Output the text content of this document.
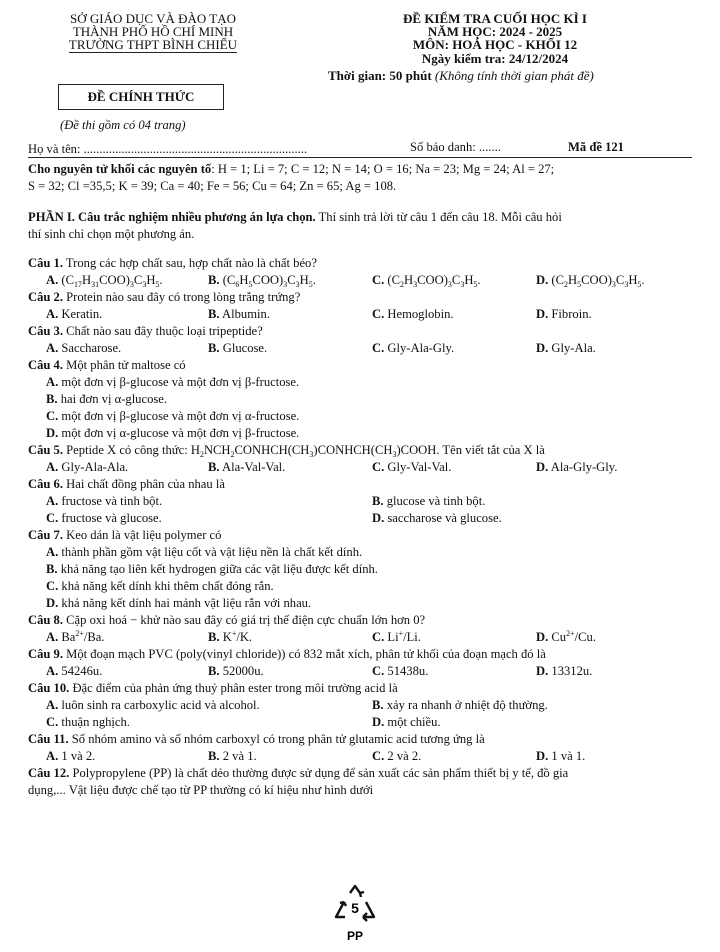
SỞ GIÁO DỤC VÀ ĐÀO TẠO
THÀNH PHỐ HỒ CHÍ MINH
TRƯỜNG THPT BÌNH CHIỂU
ĐỀ CHÍNH THỨC
(Đề thi gồm có 04 trang)
ĐỀ KIỂM TRA CUỐI HỌC KÌ I
NĂM HỌC: 2024 - 2025
MÔN: HOÁ HỌC - KHỐI 12
Ngày kiểm tra: 24/12/2024
Thời gian: 50 phút (Không tính thời gian phát đề)
Họ và tên: .......................................................................	Số báo danh: .......	Mã đề 121
Cho nguyên tử khối các nguyên tố: H = 1; Li = 7; C = 12; N = 14; O = 16; Na = 23; Mg = 24; Al = 27;
S = 32; Cl =35,5; K = 39; Ca = 40; Fe = 56; Cu = 64; Zn = 65; Ag = 108.
PHẦN I. Câu trắc nghiệm nhiều phương án lựa chọn. Thí sinh trả lời từ câu 1 đến câu 18. Mỗi câu hỏi
thí sinh chỉ chọn một phương án.
Câu 1. Trong các hợp chất sau, hợp chất nào là chất béo?
A. $(C_{17}H_{31}COO)_3C_3H_5$.	B. $(C_6H_5COO)_3C_3H_5$.	C. $(C_2H_3COO)_3C_3H_5$.	D. $(C_2H_5COO)_3C_3H_5$.
Câu 2. Protein nào sau đây có trong lòng trắng trứng?
A. Keratin.	B. Albumin.	C. Hemoglobin.	D. Fibroin.
Câu 3. Chất nào sau đây thuộc loại tripeptide?
A. Saccharose.	B. Glucose.	C. Gly-Ala-Gly.	D. Gly-Ala.
Câu 4. Một phân tử maltose có
A. một đơn vị β-glucose và một đơn vị β-fructose.
B. hai đơn vị α-glucose.
C. một đơn vị β-glucose và một đơn vị α-fructose.
D. một đơn vị α-glucose và một đơn vị β-fructose.
Câu 5. Peptide X có công thức: $H_2NCH_2CONHCH(CH_3)CONHCH(CH_3)COOH$. Tên viết tắt của X là
A. Gly-Ala-Ala.	B. Ala-Val-Val.	C. Gly-Val-Val.	D. Ala-Gly-Gly.
Câu 6. Hai chất đồng phân của nhau là
A. fructose và tinh bột.	B. glucose và tinh bột.
C. fructose và glucose.	D. saccharose và glucose.
Câu 7. Keo dán là vật liệu polymer có
A. thành phần gồm vật liệu cốt và vật liệu nền là chất kết dính.
B. khả năng tạo liên kết hydrogen giữa các vật liệu được kết dính.
C. khả năng kết dính khi thêm chất đóng rắn.
D. khả năng kết dính hai mảnh vật liệu rắn với nhau.
Câu 8. Cặp oxi hoá − khử nào sau đây có giá trị thế điện cực chuẩn lớn hơn 0?
A. $Ba^{2+}/Ba$.	B. K+/K.	C. Li+/Li.	D. $Cu^{2+}/Cu$.
Câu 9. Một đoạn mạch PVC (poly(vinyl chloride)) có 832 mắt xích, phân tử khối của đoạn mạch đó là
A. 54246u.	B. 52000u.	C. 51438u.	D. 13312u.
Câu 10. Đặc điểm của phản ứng thuỷ phân ester trong môi trường acid là
A. luôn sinh ra carboxylic acid và alcohol.	B. xảy ra nhanh ở nhiệt độ thường.
C. thuận nghịch.	D. một chiều.
Câu 11. Số nhóm amino và số nhóm carboxyl có trong phân tử glutamic acid tương ứng là
A. 1 và 2.	B. 2 và 1.	C. 2 và 2.	D. 1 và 1.
Câu 12. Polypropylene (PP) là chất dẻo thường được sử dụng để sản xuất các sản phẩm thiết bị y tế, đồ gia
dụng,... Vật liệu được chế tạo từ PP thường có kí hiệu như hình dưới
5
PP
